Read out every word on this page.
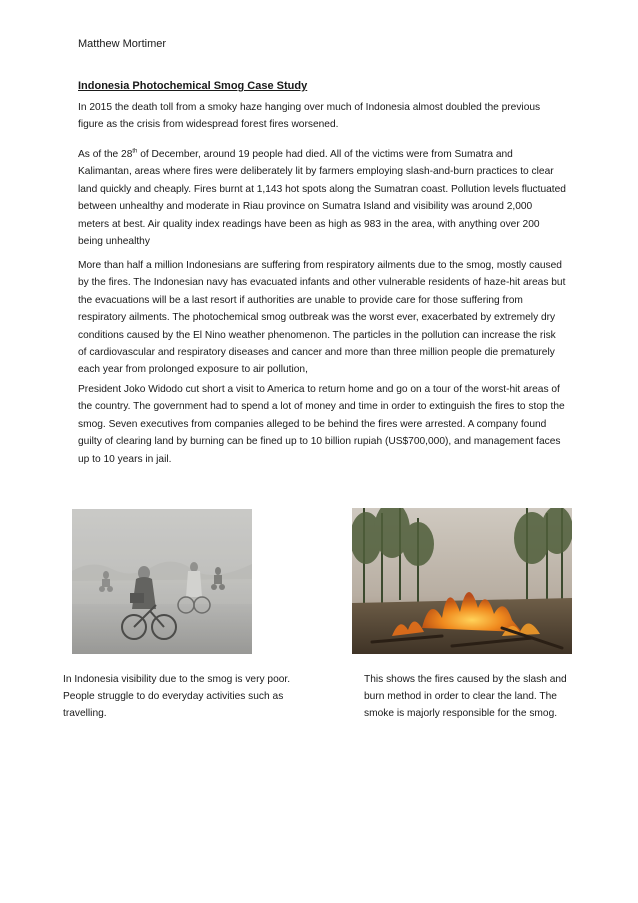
Matthew Mortimer
Indonesia Photochemical Smog Case Study
In 2015 the death toll from a smoky haze hanging over much of Indonesia almost doubled the previous figure as the crisis from widespread forest fires worsened.
As of the 28th of December, around 19 people had died. All of the victims were from Sumatra and Kalimantan, areas where fires were deliberately lit by farmers employing slash-and-burn practices to clear land quickly and cheaply. Fires burnt at 1,143 hot spots along the Sumatran coast. Pollution levels fluctuated between unhealthy and moderate in Riau province on Sumatra Island and visibility was around 2,000 meters at best. Air quality index readings have been as high as 983 in the area, with anything over 200 being unhealthy
More than half a million Indonesians are suffering from respiratory ailments due to the smog, mostly caused by the fires. The Indonesian navy has evacuated infants and other vulnerable residents of haze-hit areas but the evacuations will be a last resort if authorities are unable to provide care for those suffering from respiratory ailments. The photochemical smog outbreak was the worst ever, exacerbated by extremely dry conditions caused by the El Nino weather phenomenon. The particles in the pollution can increase the risk of cardiovascular and respiratory diseases and cancer and more than three million people die prematurely each year from prolonged exposure to air pollution,
President Joko Widodo cut short a visit to America to return home and go on a tour of the worst-hit areas of the country. The government had to spend a lot of money and time in order to extinguish the fires to stop the smog. Seven executives from companies alleged to be behind the fires were arrested. A company found guilty of clearing land by burning can be fined up to 10 billion rupiah (US$700,000), and management faces up to 10 years in jail.
In Indonesia visibility due to the smog is very poor. People struggle to do everyday activities such as travelling.
This shows the fires caused by the slash and burn method in order to clear the land. The smoke is majorly responsible for the smog.
